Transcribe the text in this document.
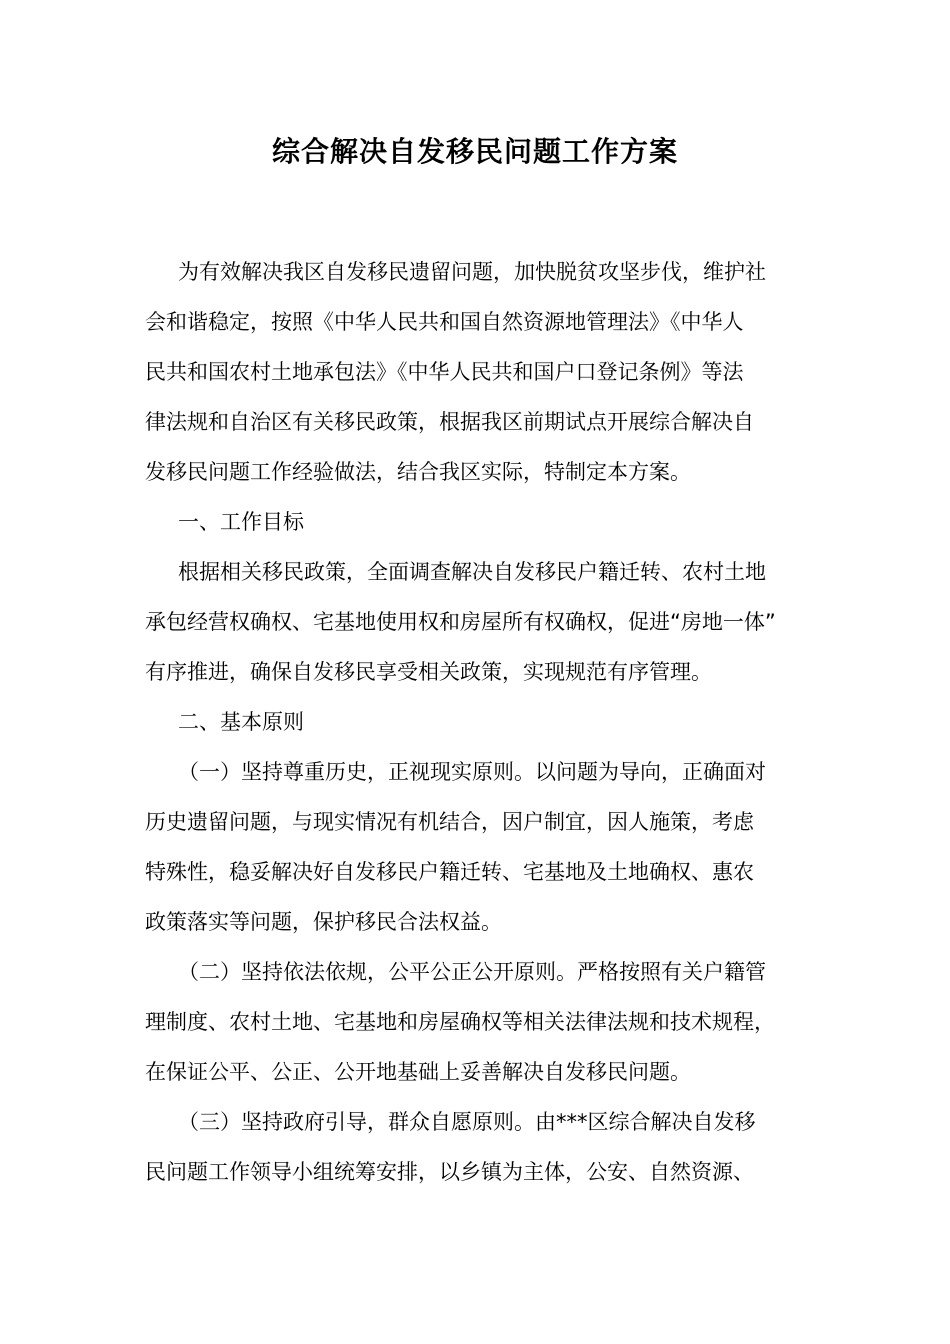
综合解决自发移民问题工作方案
为有效解决我区自发移民遗留问题，加快脱贫攻坚步伐，维护社
会和谐稳定，按照《中华人民共和国自然资源地管理法》《中华人
民共和国农村土地承包法》《中华人民共和国户口登记条例》等法
律法规和自治区有关移民政策，根据我区前期试点开展综合解决自
发移民问题工作经验做法，结合我区实际，特制定本方案。
一、工作目标
根据相关移民政策，全面调查解决自发移民户籍迁转、农村土地
承包经营权确权、宅基地使用权和房屋所有权确权，促进“房地一体”
有序推进，确保自发移民享受相关政策，实现规范有序管理。
二、基本原则
（一）坚持尊重历史，正视现实原则。以问题为导向，正确面对
历史遗留问题，与现实情况有机结合，因户制宜，因人施策，考虑
特殊性，稳妥解决好自发移民户籍迁转、宅基地及土地确权、惠农
政策落实等问题，保护移民合法权益。
（二）坚持依法依规，公平公正公开原则。严格按照有关户籍管
理制度、农村土地、宅基地和房屋确权等相关法律法规和技术规程，
在保证公平、公正、公开地基础上妥善解决自发移民问题。
（三）坚持政府引导，群众自愿原则。由***区综合解决自发移
民问题工作领导小组统筹安排，以乡镇为主体，公安、自然资源、
